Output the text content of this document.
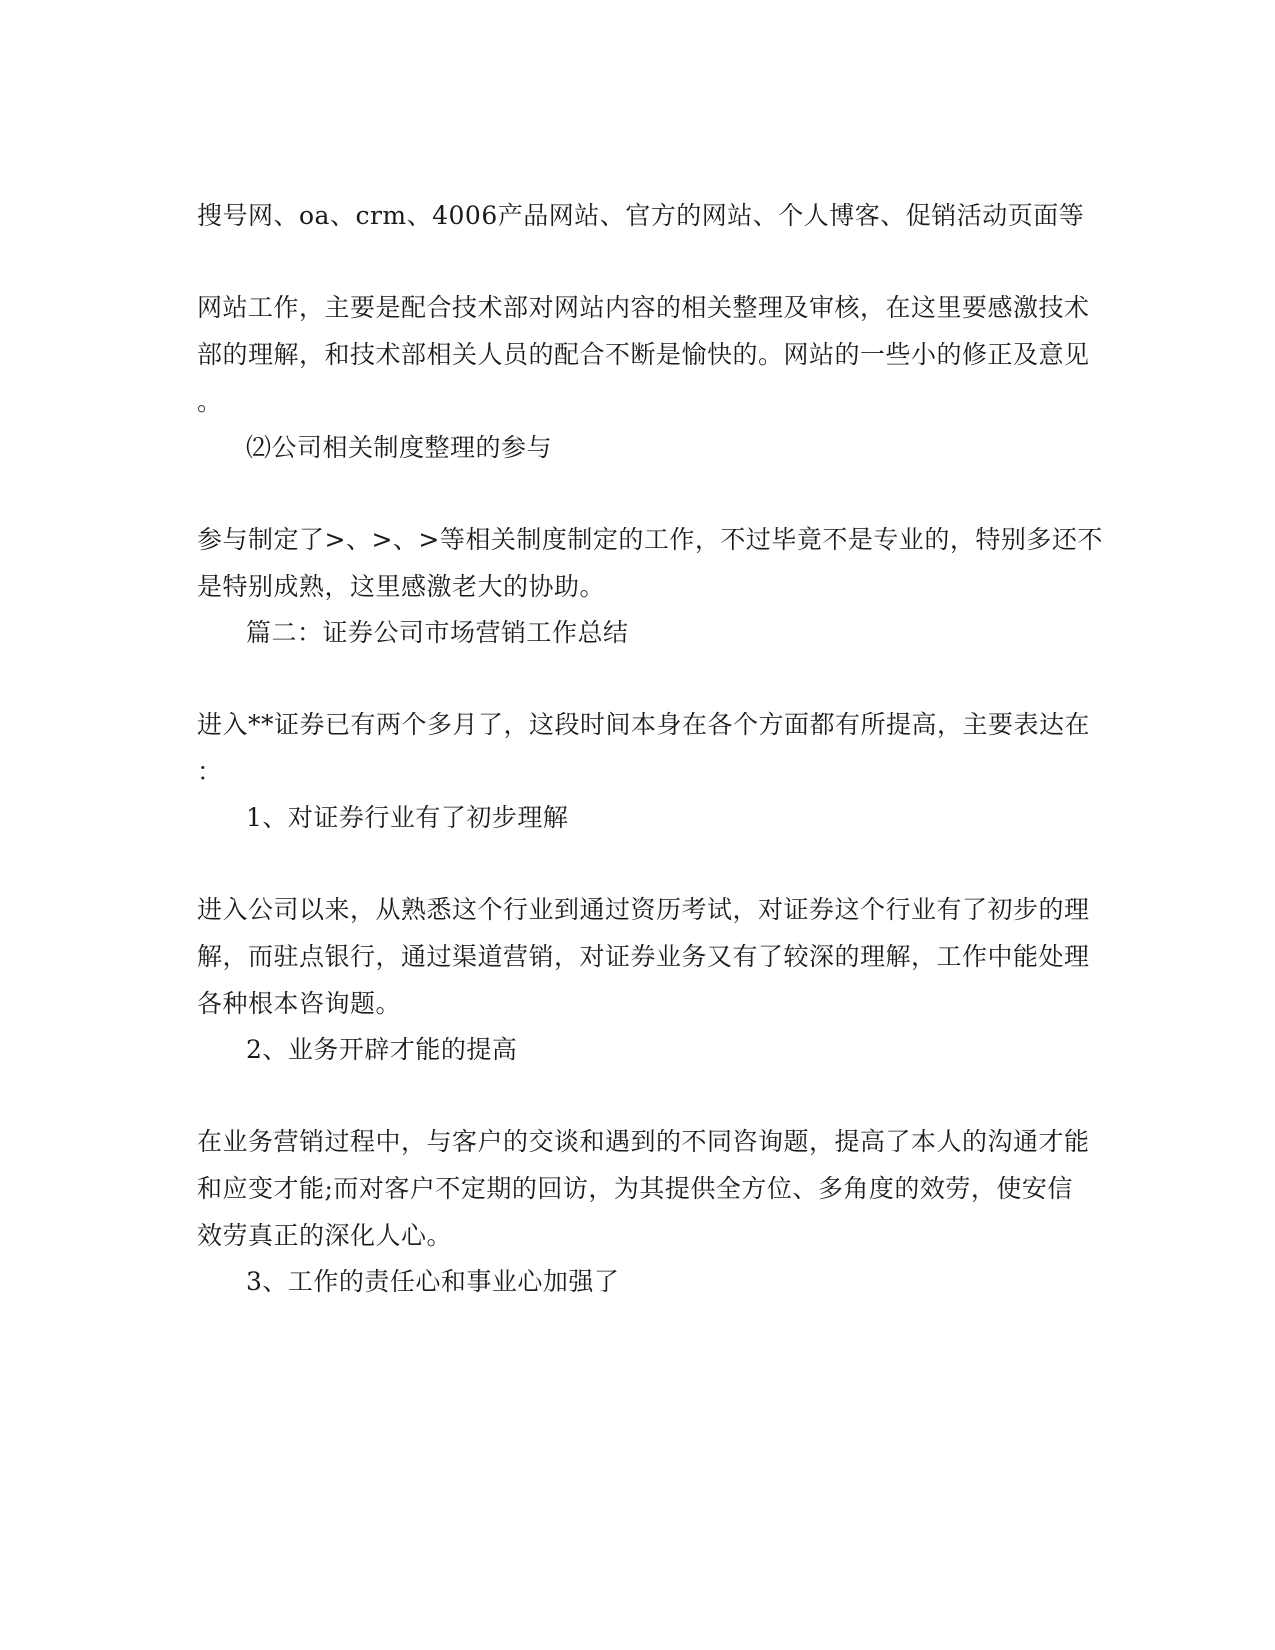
搜号网、oa、crm、4006产品网站、官方的网站、个人博客、促销活动页面等
网站工作，主要是配合技术部对网站内容的相关整理及审核，在这里要感激技术
部的理解，和技术部相关人员的配合不断是愉快的。网站的一些小的修正及意见
。
⑵公司相关制度整理的参与
参与制定了>、>、>等相关制度制定的工作，不过毕竟不是专业的，特别多还不
是特别成熟，这里感激老大的协助。
篇二：证券公司市场营销工作总结
进入**证券已有两个多月了，这段时间本身在各个方面都有所提高，主要表达在
：
1、对证券行业有了初步理解
进入公司以来，从熟悉这个行业到通过资历考试，对证券这个行业有了初步的理
解，而驻点银行，通过渠道营销，对证券业务又有了较深的理解，工作中能处理
各种根本咨询题。
2、业务开辟才能的提高
在业务营销过程中，与客户的交谈和遇到的不同咨询题，提高了本人的沟通才能
和应变才能;而对客户不定期的回访，为其提供全方位、多角度的效劳，使安信
效劳真正的深化人心。
3、工作的责任心和事业心加强了
